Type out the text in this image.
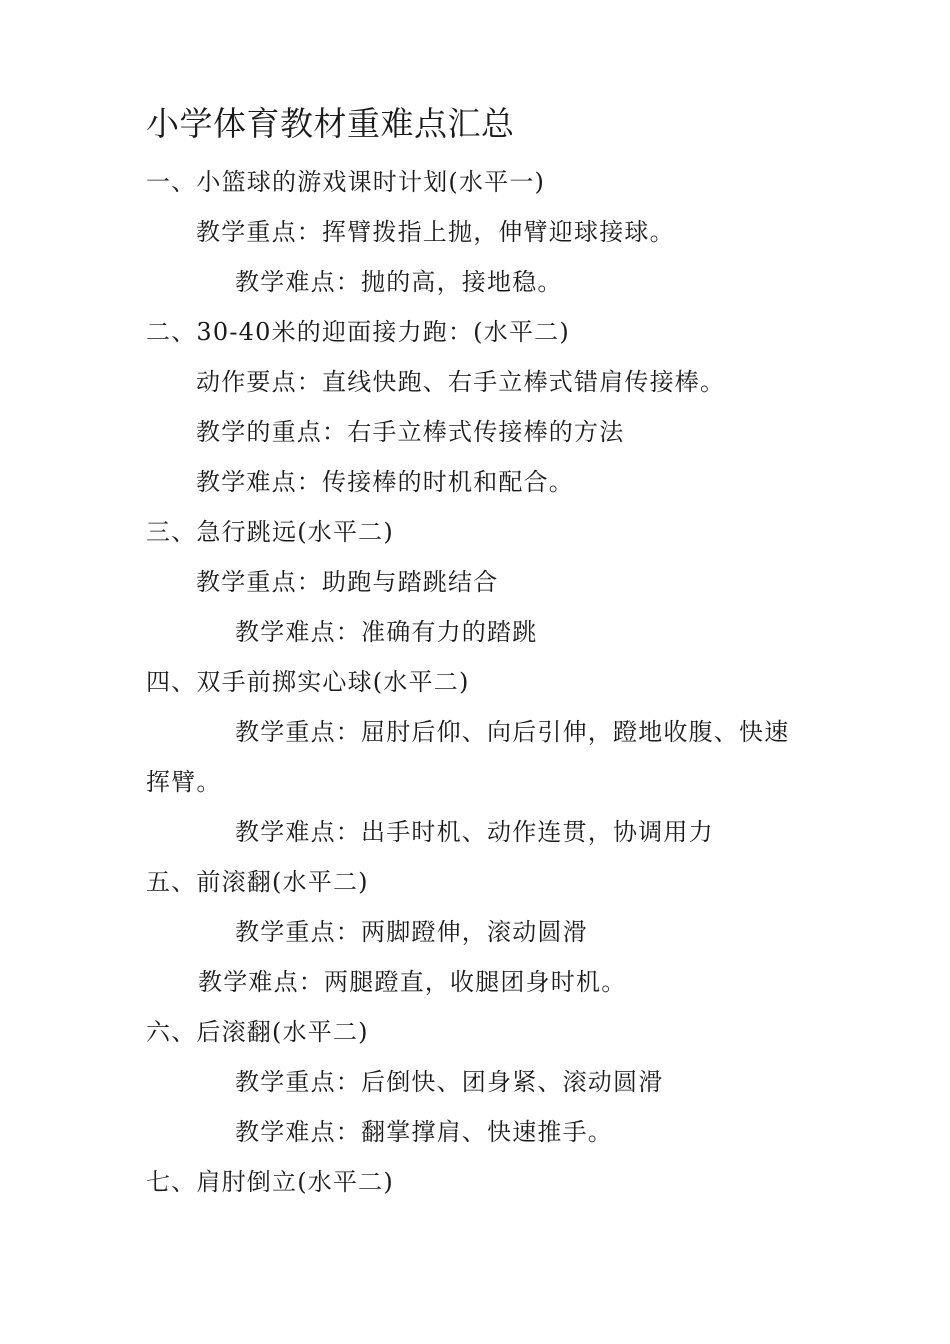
小学体育教材重难点汇总
一、小篮球的游戏课时计划(水平一)
教学重点：挥臂拨指上抛，伸臂迎球接球。
教学难点：抛的高，接地稳。
二、30-40米的迎面接力跑：(水平二)
动作要点：直线快跑、右手立棒式错肩传接棒。
教学的重点：右手立棒式传接棒的方法
教学难点：传接棒的时机和配合。
三、急行跳远(水平二)
教学重点：助跑与踏跳结合
教学难点：准确有力的踏跳
四、双手前掷实心球(水平二)
教学重点：屈肘后仰、向后引伸，蹬地收腹、快速
挥臂。
教学难点：出手时机、动作连贯，协调用力
五、前滚翻(水平二)
教学重点：两脚蹬伸，滚动圆滑
教学难点：两腿蹬直，收腿团身时机。
六、后滚翻(水平二)
教学重点：后倒快、团身紧、滚动圆滑
教学难点：翻掌撑肩、快速推手。
七、肩肘倒立(水平二)
